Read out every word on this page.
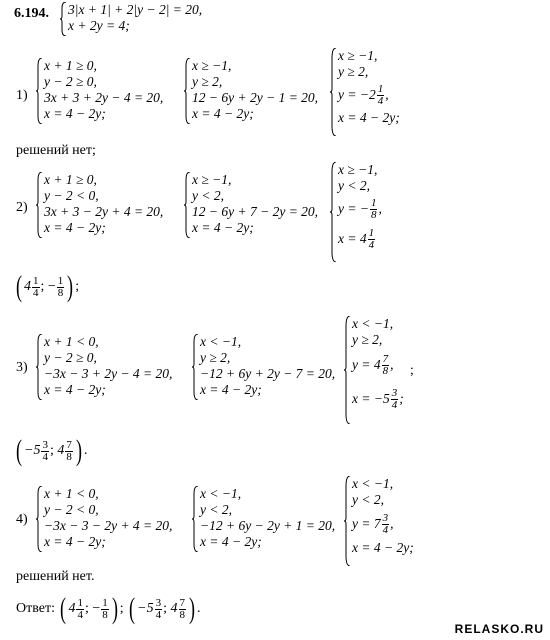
6.194. 3|x + 1| + 2|y − 2| = 20,
x + 2y = 4;
1)
x + 1 ≥ 0,
y − 2 ≥ 0,
3x + 3 + 2y − 4 = 20,
x = 4 − 2y;
x ≥ −1,
y ≥ 2,
12 − 6y + 2y − 1 = 20,
x = 4 − 2y;
x ≥ −1,
y ≥ 2,
$y = -2 \frac{1}{4}$ ,
x = 4 − 2y;
решений нет;
2)
x + 1 ≥ 0,
y − 2 < 0,
3x + 3 − 2y + 4 = 20,
x = 4 − 2y;
x ≥ −1,
y < 2,
12 − 6y + 7 − 2y = 20,
x = 4 − 2y;
x ≥ −1,
y < 2,
y = − $\frac{1}{8}$ ,
$x = 4 \frac{1}{4}$
( $4 \frac{1}{4}$ ; − $\frac{1}{8}$ ) ;
3)
x + 1 < 0,
y − 2 ≥ 0,
−3x − 3 + 2y − 4 = 20,
x = 4 − 2y;
x < −1,
y ≥ 2,
−12 + 6y + 2y − 7 = 20,
x = 4 − 2y;
x < −1,
y ≥ 2,
$y = 4 \frac{7}{8}$ ,
$x = -5 \frac{3}{4}$ ;
;
( $-5 \frac{3}{4}$ ; $4 \frac{7}{8}$ ) .
4)
x + 1 < 0,
y − 2 < 0,
−3x − 3 − 2y + 4 = 20,
x = 4 − 2y;
x < −1,
y < 2,
−12 + 6y − 2y + 1 = 20,
x = 4 − 2y;
x < −1,
y < 2,
$y = 7 \frac{3}{4}$ ,
x = 4 − 2y;
решений нет.
Ответ: ( $4 \frac{1}{4}$ ; − $\frac{1}{8}$ ) ; ( $-5 \frac{3}{4}$ ; $4 \frac{7}{8}$ ) .
RELASKO.RU
